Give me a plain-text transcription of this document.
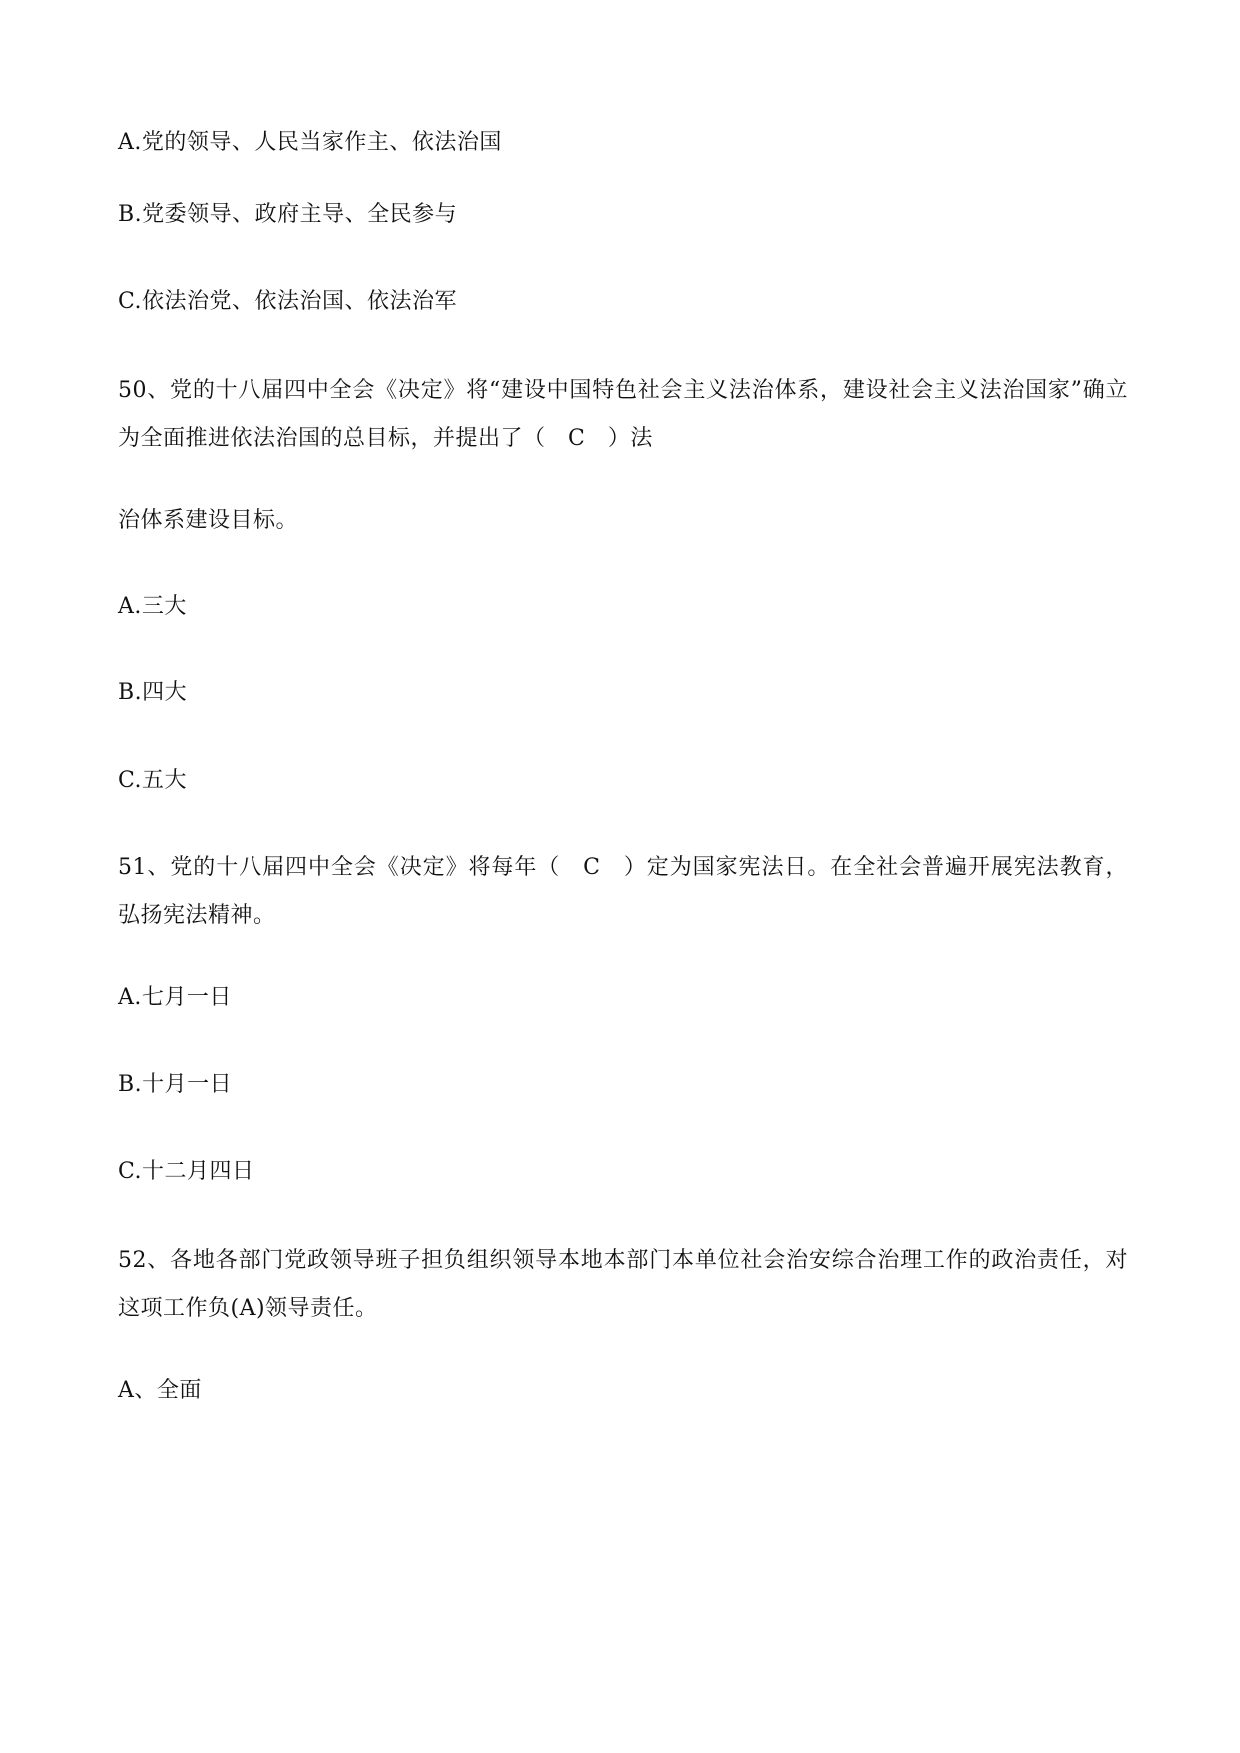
A.党的领导、人民当家作主、依法治国
B.党委领导、政府主导、全民参与
C.依法治党、依法治国、依法治军
50、党的十八届四中全会《决定》将“建设中国特色社会主义法治体系，建设社会主义法治国家”确立为全面推进依法治国的总目标，并提出了（　C　）法
治体系建设目标。
A.三大
B.四大
C.五大
51、党的十八届四中全会《决定》将每年（　C　）定为国家宪法日。在全社会普遍开展宪法教育，弘扬宪法精神。
A.七月一日
B.十月一日
C.十二月四日
52、各地各部门党政领导班子担负组织领导本地本部门本单位社会治安综合治理工作的政治责任，对这项工作负(A)领导责任。
A、全面
